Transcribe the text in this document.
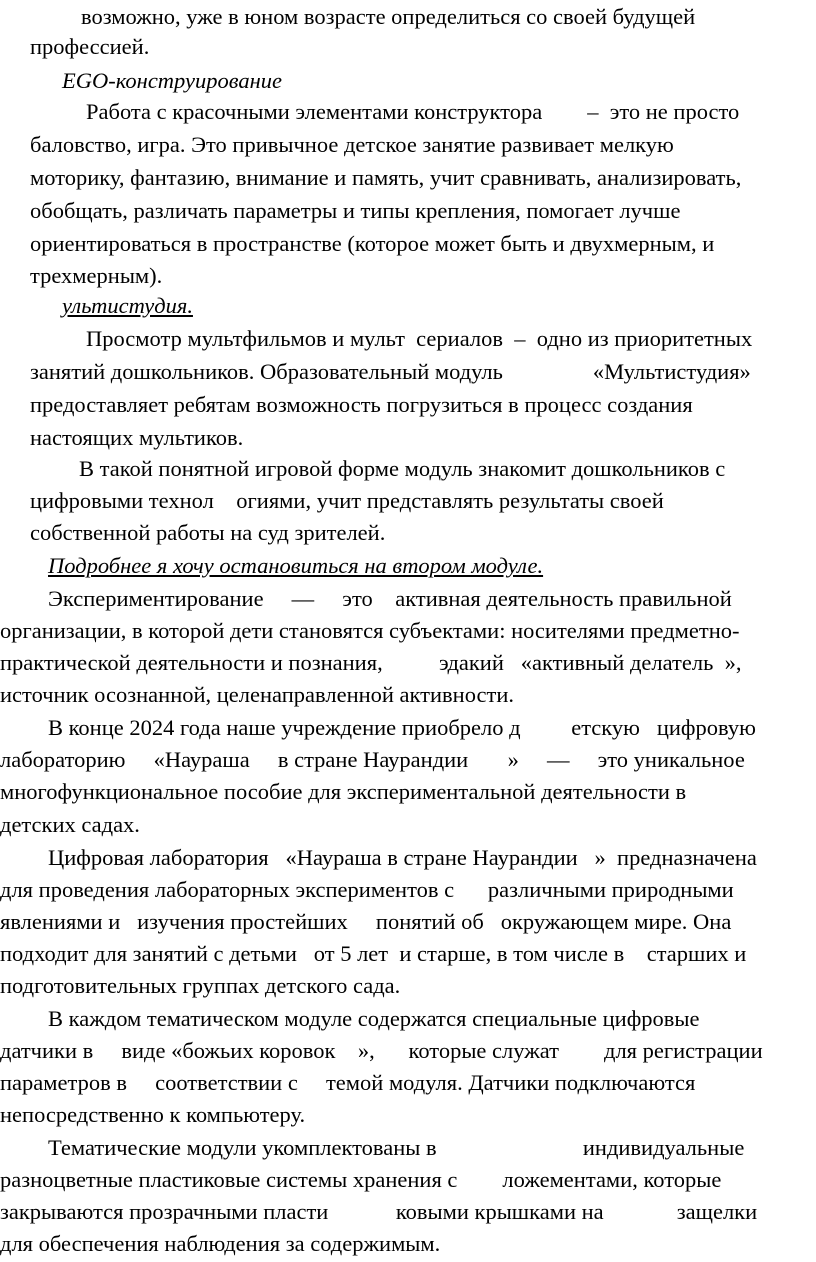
возможно, уже в юном возрасте определиться со своей будущей
профессией.
EGO-конструирование
Работа с красочными элементами конструктора        –  это не просто
баловство, игра. Это привычное детское занятие развивает мелкую
моторику, фантазию, внимание и память, учит сравнивать, анализировать,
обобщать, различать параметры и типы крепления, помогает лучше
ориентироваться в пространстве (которое может быть и двухмерным, и
трехмерным).
ультистудия.
Просмотр мультфильмов и мульт  сериалов  –  одно из приоритетных
занятий дошкольников. Образовательный модуль                «Мультистудия»
предоставляет ребятам возможность погрузиться в процесс создания
настоящих мультиков.
В такой понятной игровой форме модуль знакомит дошкольников с
цифровыми технол    огиями, учит представлять результаты своей
собственной работы на суд зрителей.
Подробнее я хочу остановиться на втором модуле.
Экспериментирование     —     это    активная деятельность правильной
организации, в которой дети становятся субъектами: носителями предметно-
практической деятельности и познания,          эдакий   «активный делатель  »,
источник осознанной, целенаправленной активности.
В конце 2024 года наше учреждение приобрело д         етскую   цифровую
лабораторию     «Наураша     в стране Наурандии       »     —     это уникальное
многофункциональное пособие для экспериментальной деятельности в
детских садах.
Цифровая лаборатория   «Наураша в стране Наурандии   »  предназначена
для проведения лабораторных экспериментов с      различными природными
явлениями и   изучения простейших     понятий об   окружающем мире. Она
подходит для занятий с детьми   от 5 лет  и старше, в том числе в    старших и
подготовительных группах детского сада.
В каждом тематическом модуле содержатся специальные цифровые
датчики в     виде «божьих коровок    »,      которые служат        для регистрации
параметров в     соответствии с     темой модуля. Датчики подключаются
непосредственно к компьютеру.
Тематические модули укомплектованы в                          индивидуальные
разноцветные пластиковые системы хранения с        ложементами, которые
закрываются прозрачными пласти            ковыми крышками на             защелки
для обеспечения наблюдения за содержимым.
